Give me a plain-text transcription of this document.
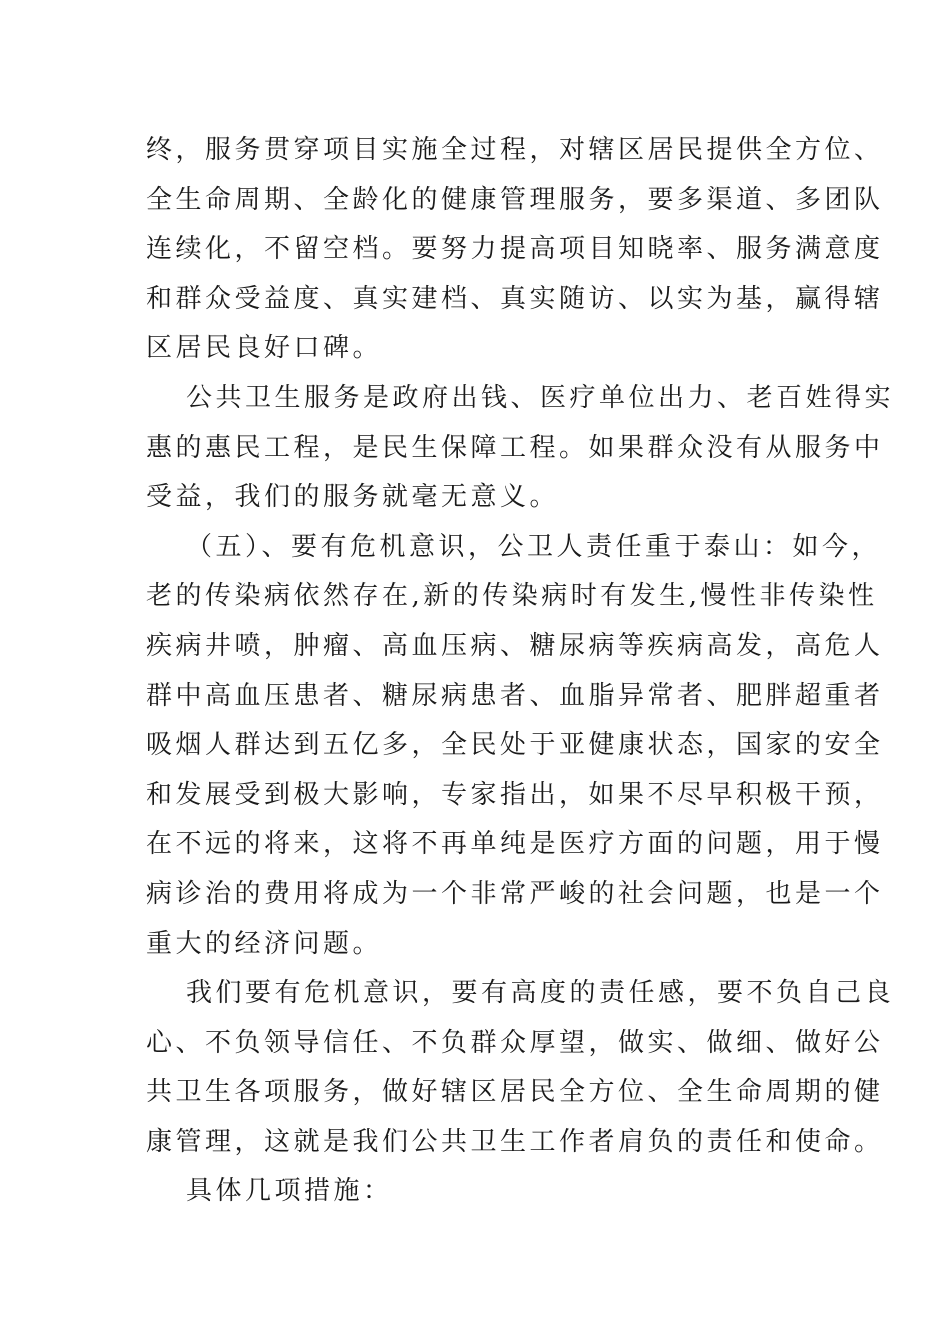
终，服务贯穿项目实施全过程，对辖区居民提供全方位、
全生命周期、全龄化的健康管理服务，要多渠道、多团队
连续化，不留空档。要努力提高项目知晓率、服务满意度
和群众受益度、真实建档、真实随访、以实为基，赢得辖
区居民良好口碑。
公共卫生服务是政府出钱、医疗单位出力、老百姓得实
惠的惠民工程，是民生保障工程。如果群众没有从服务中
受益，我们的服务就毫无意义。
（五）、要有危机意识，公卫人责任重于泰山：如今，
老的传染病依然存在,新的传染病时有发生,慢性非传染性
疾病井喷，肿瘤、高血压病、糖尿病等疾病高发，高危人
群中高血压患者、糖尿病患者、血脂异常者、肥胖超重者
吸烟人群达到五亿多，全民处于亚健康状态，国家的安全
和发展受到极大影响，专家指出，如果不尽早积极干预，
在不远的将来，这将不再单纯是医疗方面的问题，用于慢
病诊治的费用将成为一个非常严峻的社会问题，也是一个
重大的经济问题。
我们要有危机意识，要有高度的责任感，要不负自己良
心、不负领导信任、不负群众厚望，做实、做细、做好公
共卫生各项服务，做好辖区居民全方位、全生命周期的健
康管理，这就是我们公共卫生工作者肩负的责任和使命。
具体几项措施：
